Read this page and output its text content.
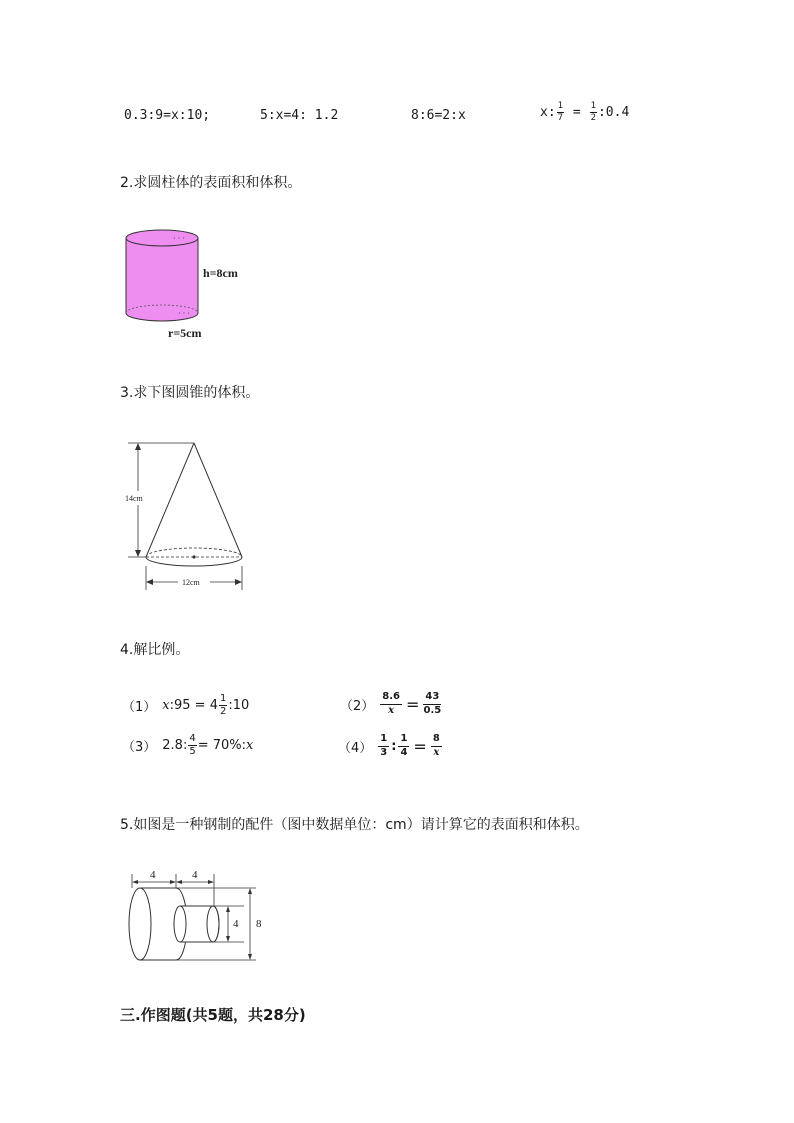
0.3:9=x:10;	5:x=4: 1.2	8:6=2:x	x: $\frac{1}{7} = \frac{1}{2}$ :0.4
2.求圆柱体的表面积和体积。
· · ·
· · ·
h=8cm
r=5cm
3.求下图圆锥的体积。
14cm
12cm
4.解比例。
（1） x :95 = $4 \frac{1}{2}$ :10	$(2) \frac{8.6}{x} = \frac{43}{0.5}$
（3） 2.8: $\frac{4}{5} = 70\%$: x	$(4) \frac{1}{3}$ : $\frac{1}{4} = \frac{8}{x}$
5.如图是一种钢制的配件（图中数据单位：cm）请计算它的表面积和体积。
4	4
4 8
三.作图题(共5题，共28分)
